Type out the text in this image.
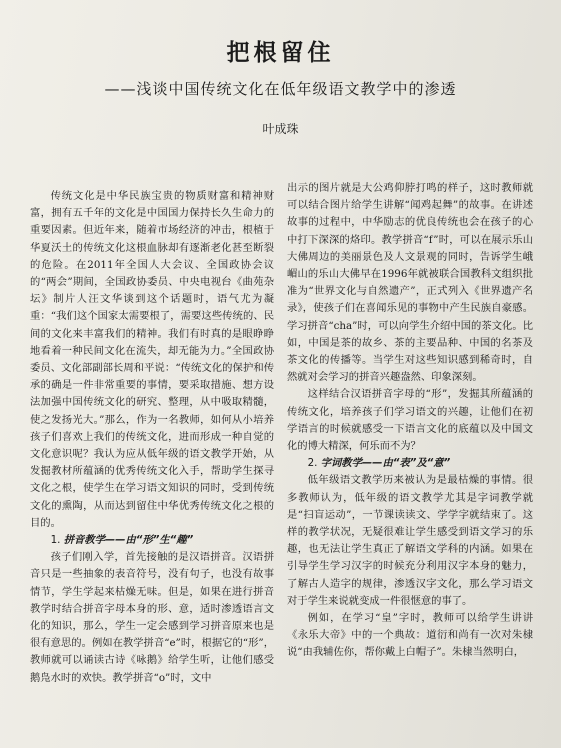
把根留住
——浅谈中国传统文化在低年级语文教学中的渗透
叶成珠

传统文化是中华民族宝贵的物质财富和精神财富，拥有五千年的文化是中国国力保持长久生命力的重要因素。但近年来，随着市场经济的冲击，根植于华夏沃土的传统文化这根血脉却有逐渐老化甚至断裂的危险。在2011年全国人大会议、全国政协会议的“两会”期间，全国政协委员、中央电视台《曲苑杂坛》制片人汪文华谈到这个话题时，语气尤为凝重：“我们这个国家太需要根了，需要这些传统的、民间的文化来丰富我们的精神。我们有时真的是眼睁睁地看着一种民间文化在流失，却无能为力。”全国政协委员、文化部副部长周和平说：“传统文化的保护和传承的确是一件非常重要的事情，要采取措施、想方设法加强中国传统文化的研究、整理，从中吸取精髓，使之发扬光大。”那么，作为一名教师，如何从小培养孩子们喜欢上我们的传统文化，进而形成一种自觉的文化意识呢？我认为应从低年级的语文教学开始，从发掘教材所蕴涵的优秀传统文化入手，帮助学生探寻文化之根，使学生在学习语文知识的同时，受到传统文化的熏陶，从而达到留住中华优秀传统文化之根的目的。

1. 拼音教学——由“形”生“趣”

孩子们刚入学，首先接触的是汉语拼音。汉语拼音只是一些抽象的表音符号，没有句子，也没有故事情节，学生学起来枯燥无味。但是，如果在进行拼音教学时结合拼音字母本身的形、意，适时渗透语言文化的知识，那么，学生一定会感到学习拼音原来也是很有意思的。例如在教学拼音“e”时，根据它的“形”，教师就可以诵读古诗《咏鹅》给学生听，让他们感受鹅凫水时的欢快。教学拼音“o”时，文中

出示的图片就是大公鸡仰脖打鸣的样子，这时教师就可以结合图片给学生讲解“闻鸡起舞”的故事。在讲述故事的过程中，中华励志的优良传统也会在孩子的心中打下深深的烙印。教学拼音“f”时，可以在展示乐山大佛周边的美丽景色及人文景观的同时，告诉学生峨嵋山的乐山大佛早在1996年就被联合国教科文组织批准为“世界文化与自然遗产”，正式列入《世界遗产名录》，使孩子们在喜闻乐见的事物中产生民族自豪感。学习拼音“cha”时，可以向学生介绍中国的茶文化。比如，中国是茶的故乡、茶的主要品种、中国的名茶及茶文化的传播等。当学生对这些知识感到稀奇时，自然就对会学习的拼音兴趣盎然、印象深刻。

这样结合汉语拼音字母的“形”，发掘其所蕴涵的传统文化，培养孩子们学习语文的兴趣，让他们在初学语言的时候就感受一下语言文化的底蕴以及中国文化的博大精深，何乐而不为？

2. 字词教学——由“表”及“意”

低年级语文教学历来被认为是最枯燥的事情。很多教师认为，低年级的语文教学尤其是字词教学就是“扫盲运动”，一节课读读文、学学字就结束了。这样的教学状况，无疑很难让学生感受到语文学习的乐趣，也无法让学生真正了解语文学科的内涵。如果在引导学生学习汉字的时候充分利用汉字本身的魅力，了解古人造字的规律，渗透汉字文化，那么学习语文对于学生来说就变成一件很惬意的事了。

例如，在学习“皇”字时，教师可以给学生讲讲《永乐大帝》中的一个典故：道衍和尚有一次对朱棣说“由我辅佐你，帮你戴上白帽子”。朱棣当然明白，
